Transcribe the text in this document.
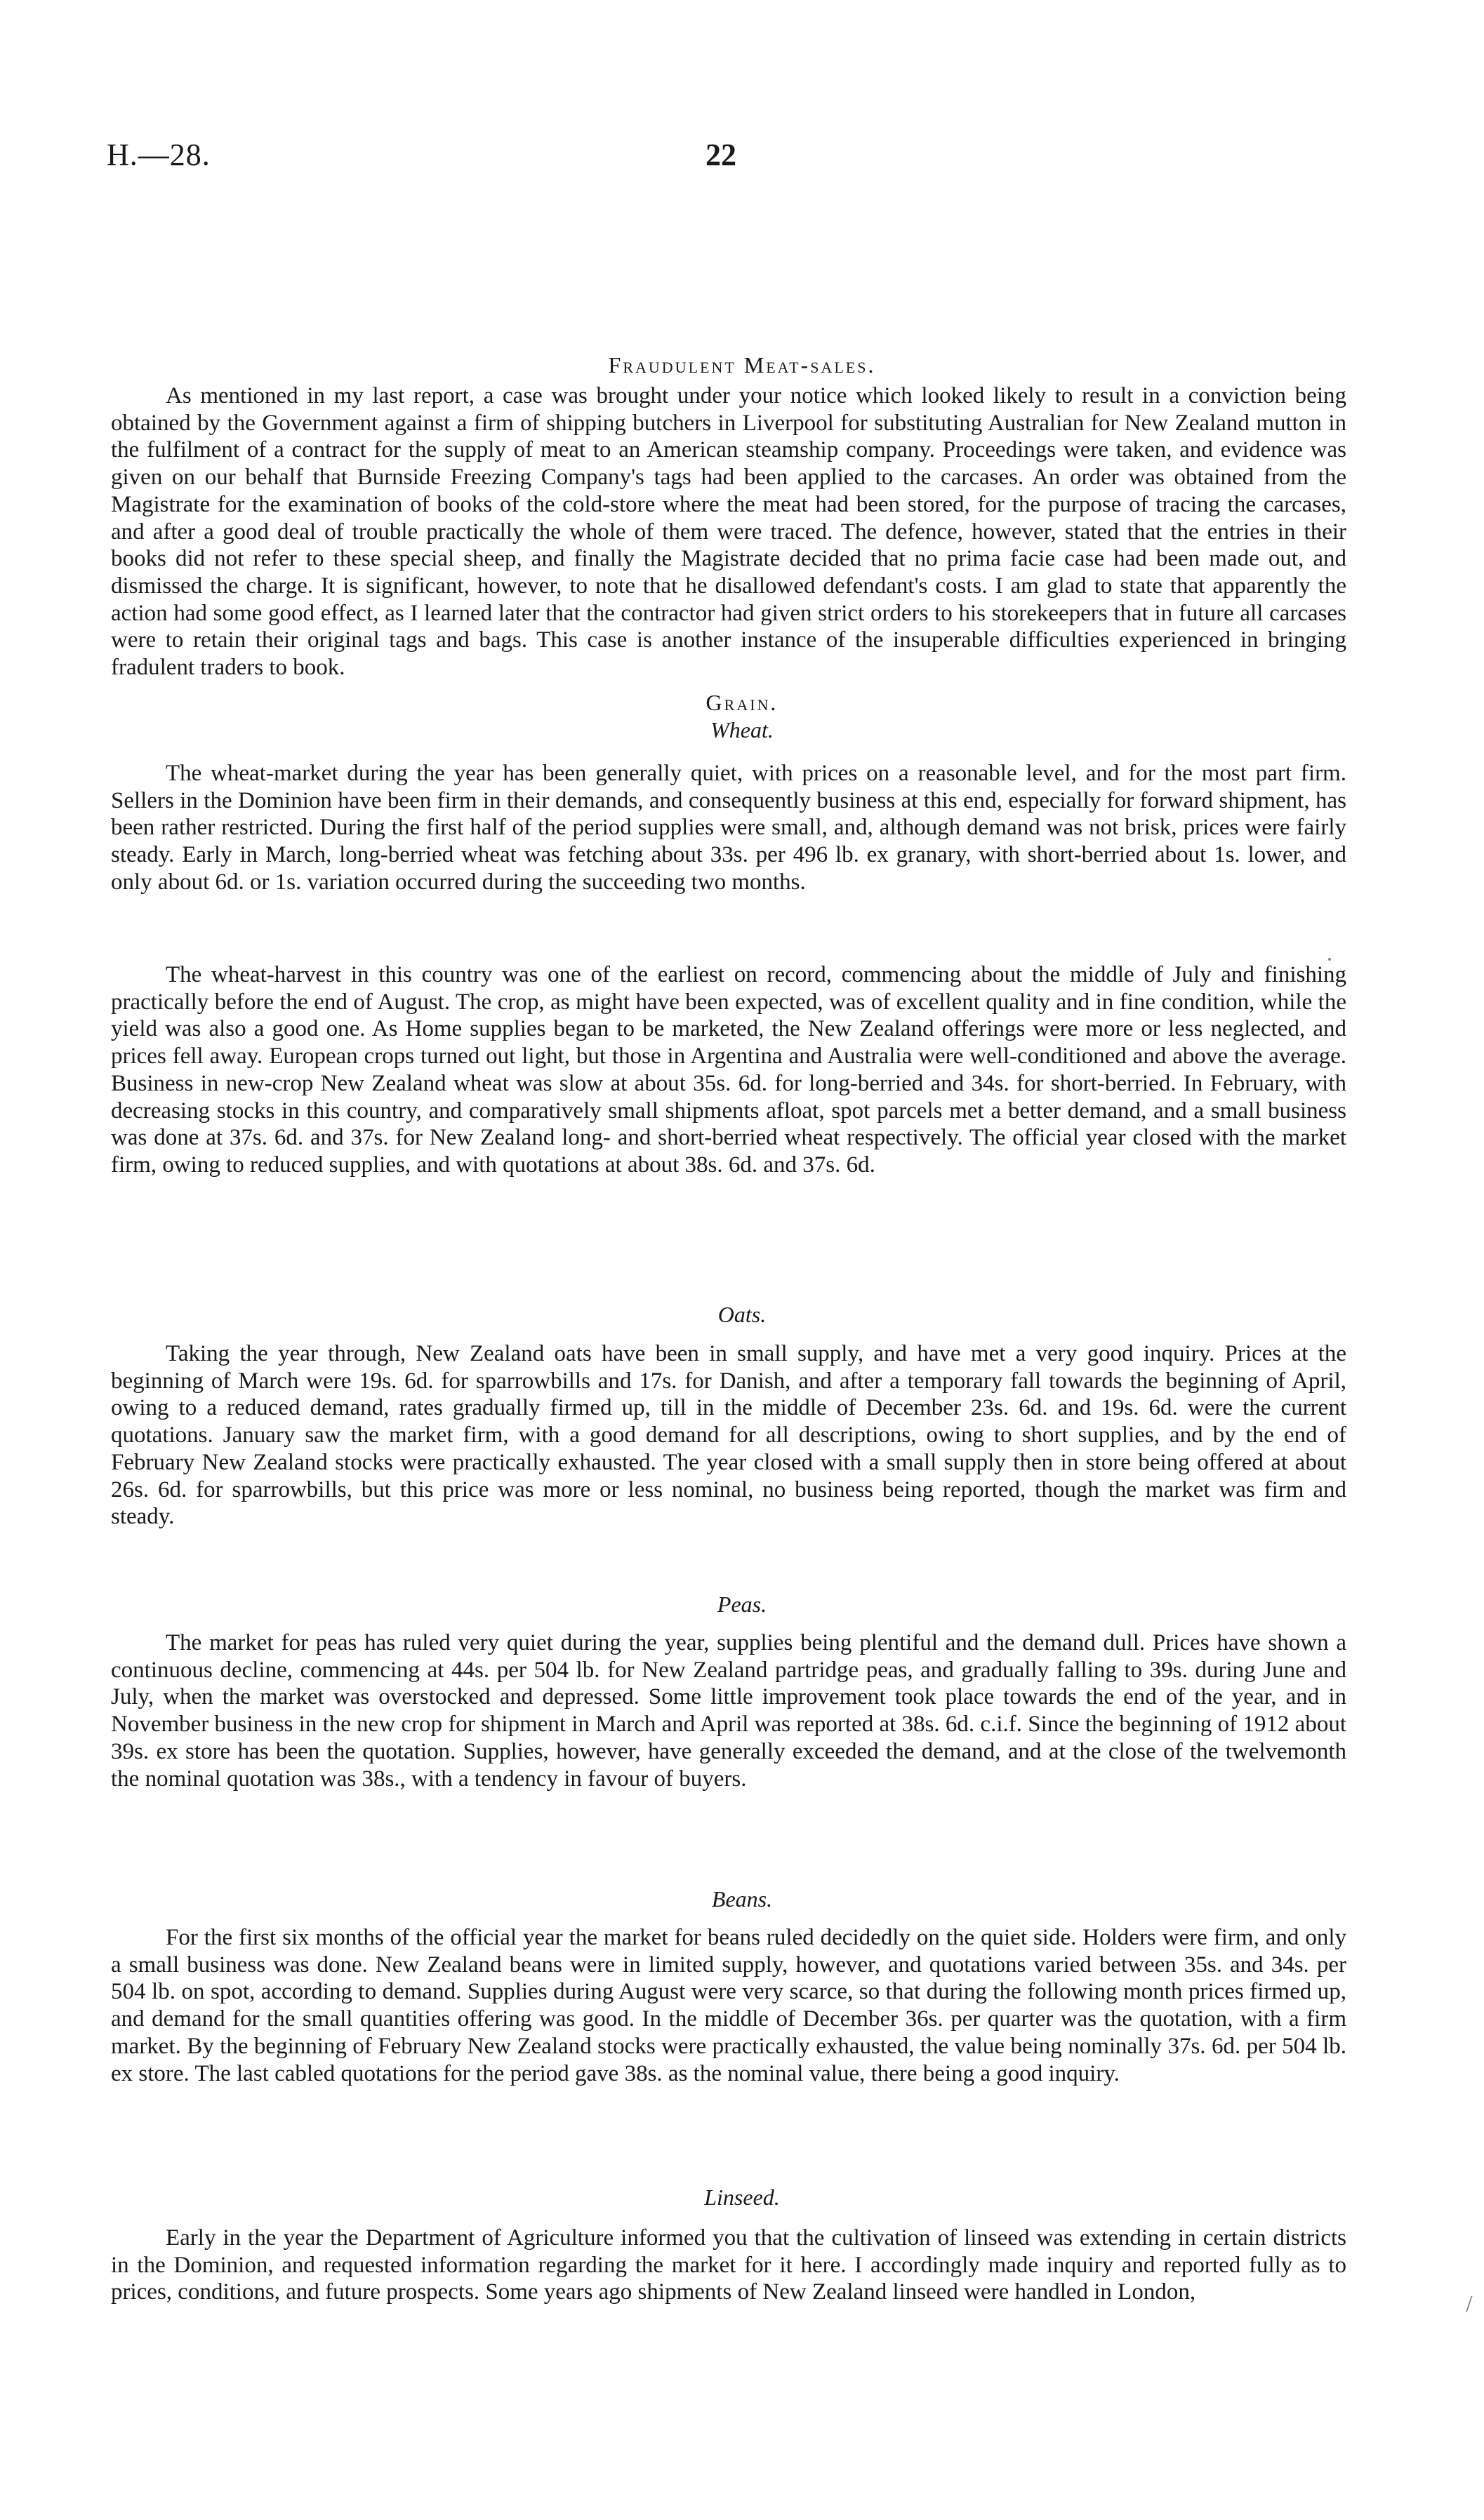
H.—28.	22
Fraudulent Meat-sales.

As mentioned in my last report, a case was brought under your notice which looked likely to result in a conviction being obtained by the Government against a firm of shipping butchers in Liverpool for substituting Australian for New Zealand mutton in the fulfilment of a contract for the supply of meat to an American steamship company. Proceedings were taken, and evidence was given on our behalf that Burnside Freezing Company's tags had been applied to the carcases. An order was obtained from the Magistrate for the examination of books of the cold-store where the meat had been stored, for the purpose of tracing the carcases, and after a good deal of trouble practically the whole of them were traced. The defence, however, stated that the entries in their books did not refer to these special sheep, and finally the Magistrate decided that no prima facie case had been made out, and dismissed the charge. It is significant, however, to note that he disallowed defendant's costs. I am glad to state that apparently the action had some good effect, as I learned later that the contractor had given strict orders to his storekeepers that in future all carcases were to retain their original tags and bags. This case is another instance of the insuperable difficulties experienced in bringing fradulent traders to book.

Grain.
Wheat.

The wheat-market during the year has been generally quiet, with prices on a reasonable level, and for the most part firm. Sellers in the Dominion have been firm in their demands, and consequently business at this end, especially for forward shipment, has been rather restricted. During the first half of the period supplies were small, and, although demand was not brisk, prices were fairly steady. Early in March, long-berried wheat was fetching about 33s. per 496 lb. ex granary, with short-berried about 1s. lower, and only about 6d. or 1s. variation occurred during the succeeding two months.

The wheat-harvest in this country was one of the earliest on record, commencing about the middle of July and finishing practically before the end of August. The crop, as might have been expected, was of excellent quality and in fine condition, while the yield was also a good one. As Home supplies began to be marketed, the New Zealand offerings were more or less neglected, and prices fell away. European crops turned out light, but those in Argentina and Australia were well-conditioned and above the average. Business in new-crop New Zealand wheat was slow at about 35s. 6d. for long-berried and 34s. for short-berried. In February, with decreasing stocks in this country, and comparatively small shipments afloat, spot parcels met a better demand, and a small business was done at 37s. 6d. and 37s. for New Zealand long- and short-berried wheat respectively. The official year closed with the market firm, owing to reduced supplies, and with quotations at about 38s. 6d. and 37s. 6d.

Oats.

Taking the year through, New Zealand oats have been in small supply, and have met a very good inquiry. Prices at the beginning of March were 19s. 6d. for sparrowbills and 17s. for Danish, and after a temporary fall towards the beginning of April, owing to a reduced demand, rates gradually firmed up, till in the middle of December 23s. 6d. and 19s. 6d. were the current quotations. January saw the market firm, with a good demand for all descriptions, owing to short supplies, and by the end of February New Zealand stocks were practically exhausted. The year closed with a small supply then in store being offered at about 26s. 6d. for sparrowbills, but this price was more or less nominal, no business being reported, though the market was firm and steady.

Peas.

The market for peas has ruled very quiet during the year, supplies being plentiful and the demand dull. Prices have shown a continuous decline, commencing at 44s. per 504 lb. for New Zealand partridge peas, and gradually falling to 39s. during June and July, when the market was overstocked and depressed. Some little improvement took place towards the end of the year, and in November business in the new crop for shipment in March and April was reported at 38s. 6d. c.i.f. Since the beginning of 1912 about 39s. ex store has been the quotation. Supplies, however, have generally exceeded the demand, and at the close of the twelvemonth the nominal quotation was 38s., with a tendency in favour of buyers.

Beans.

For the first six months of the official year the market for beans ruled decidedly on the quiet side. Holders were firm, and only a small business was done. New Zealand beans were in limited supply, however, and quotations varied between 35s. and 34s. per 504 lb. on spot, according to demand. Supplies during August were very scarce, so that during the following month prices firmed up, and demand for the small quantities offering was good. In the middle of December 36s. per quarter was the quotation, with a firm market. By the beginning of February New Zealand stocks were practically exhausted, the value being nominally 37s. 6d. per 504 lb. ex store. The last cabled quotations for the period gave 38s. as the nominal value, there being a good inquiry.

Linseed.

Early in the year the Department of Agriculture informed you that the cultivation of linseed was extending in certain districts in the Dominion, and requested information regarding the market for it here. I accordingly made inquiry and reported fully as to prices, conditions, and future prospects. Some years ago shipments of New Zealand linseed were handled in London,	/
